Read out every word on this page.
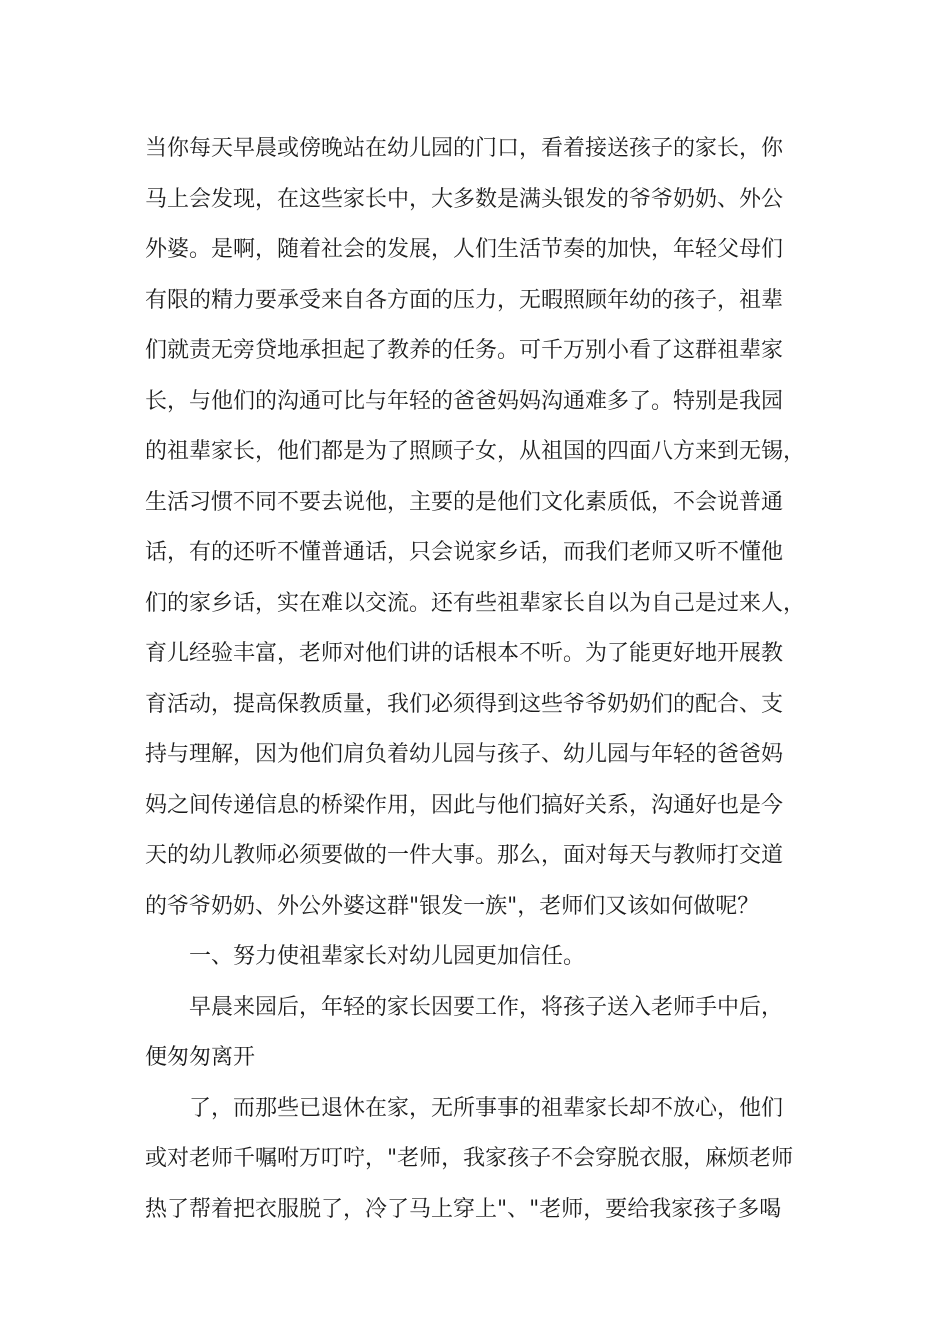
当你每天早晨或傍晚站在幼儿园的门口，看着接送孩子的家长，你
马上会发现，在这些家长中，大多数是满头银发的爷爷奶奶、外公
外婆。是啊，随着社会的发展，人们生活节奏的加快，年轻父母们
有限的精力要承受来自各方面的压力，无暇照顾年幼的孩子，祖辈
们就责无旁贷地承担起了教养的任务。可千万别小看了这群祖辈家
长，与他们的沟通可比与年轻的爸爸妈妈沟通难多了。特别是我园
的祖辈家长，他们都是为了照顾子女，从祖国的四面八方来到无锡，
生活习惯不同不要去说他，主要的是他们文化素质低，不会说普通
话，有的还听不懂普通话，只会说家乡话，而我们老师又听不懂他
们的家乡话，实在难以交流。还有些祖辈家长自以为自己是过来人，
育儿经验丰富，老师对他们讲的话根本不听。为了能更好地开展教
育活动，提高保教质量，我们必须得到这些爷爷奶奶们的配合、支
持与理解，因为他们肩负着幼儿园与孩子、幼儿园与年轻的爸爸妈
妈之间传递信息的桥梁作用，因此与他们搞好关系，沟通好也是今
天的幼儿教师必须要做的一件大事。那么，面对每天与教师打交道
的爷爷奶奶、外公外婆这群"银发一族"，老师们又该如何做呢？
一、努力使祖辈家长对幼儿园更加信任。
早晨来园后，年轻的家长因要工作，将孩子送入老师手中后，
便匆匆离开
了，而那些已退休在家，无所事事的祖辈家长却不放心，他们
或对老师千嘱咐万叮咛，"老师，我家孩子不会穿脱衣服，麻烦老师
热了帮着把衣服脱了，冷了马上穿上"、"老师，要给我家孩子多喝
